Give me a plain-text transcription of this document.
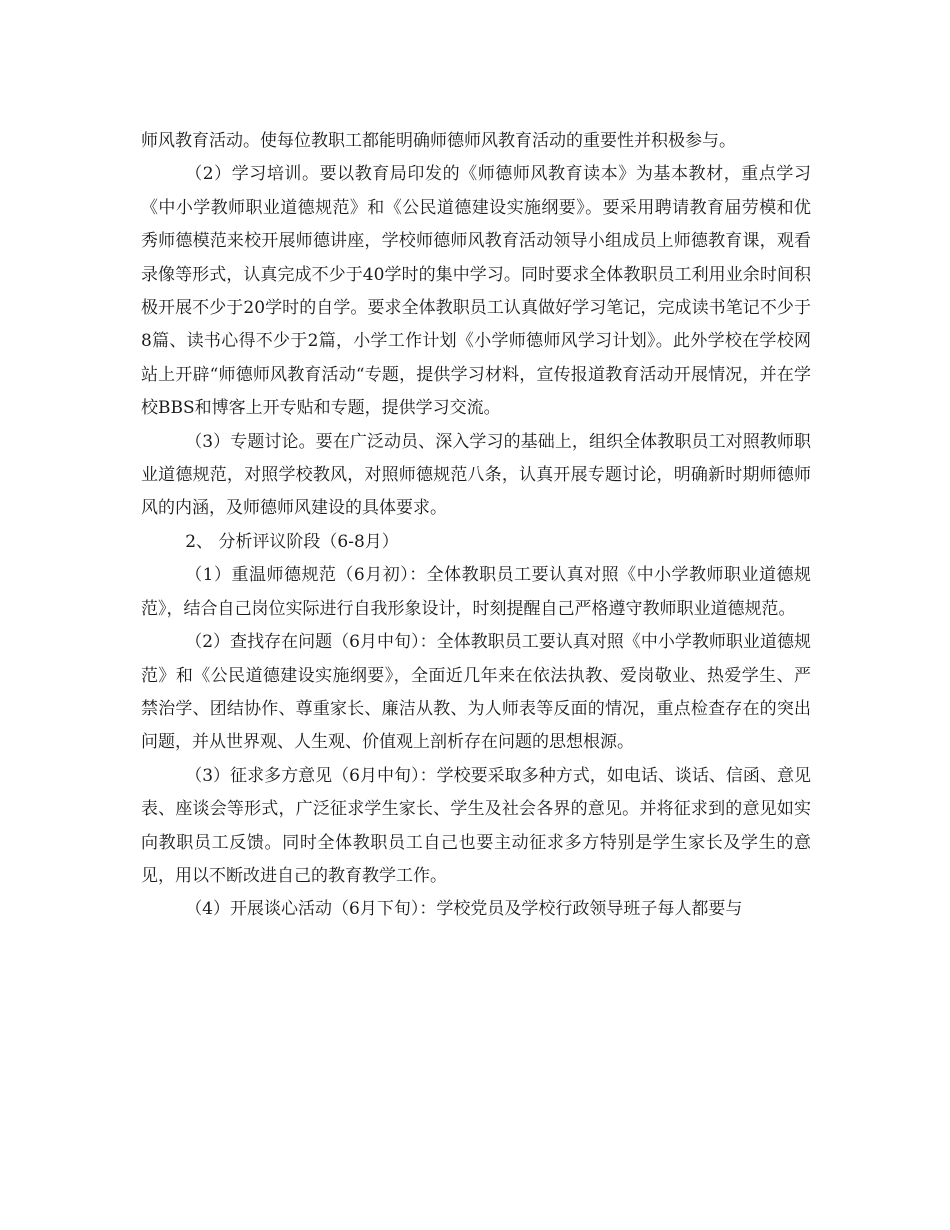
师风教育活动。使每位教职工都能明确师德师风教育活动的重要性并积极参与。

（2）学习培训。要以教育局印发的《师德师风教育读本》为基本教材，重点学习《中小学教师职业道德规范》和《公民道德建设实施纲要》。要采用聘请教育届劳模和优秀师德模范来校开展师德讲座，学校师德师风教育活动领导小组成员上师德教育课，观看录像等形式，认真完成不少于40学时的集中学习。同时要求全体教职员工利用业余时间积极开展不少于20学时的自学。要求全体教职员工认真做好学习笔记，完成读书笔记不少于8篇、读书心得不少于2篇，小学工作计划《小学师德师风学习计划》。此外学校在学校网站上开辟“师德师风教育活动“专题，提供学习材料，宣传报道教育活动开展情况，并在学校BBS和博客上开专贴和专题，提供学习交流。

（3）专题讨论。要在广泛动员、深入学习的基础上，组织全体教职员工对照教师职业道德规范，对照学校教风，对照师德规范八条，认真开展专题讨论，明确新时期师德师风的内涵，及师德师风建设的具体要求。

2、 分析评议阶段（6-8月）

（1）重温师德规范（6月初）：全体教职员工要认真对照《中小学教师职业道德规范》，结合自己岗位实际进行自我形象设计，时刻提醒自己严格遵守教师职业道德规范。

（2）查找存在问题（6月中旬）：全体教职员工要认真对照《中小学教师职业道德规范》和《公民道德建设实施纲要》，全面近几年来在依法执教、爱岗敬业、热爱学生、严禁治学、团结协作、尊重家长、廉洁从教、为人师表等反面的情况，重点检查存在的突出问题，并从世界观、人生观、价值观上剖析存在问题的思想根源。

（3）征求多方意见（6月中旬）：学校要采取多种方式，如电话、谈话、信函、意见表、座谈会等形式，广泛征求学生家长、学生及社会各界的意见。并将征求到的意见如实向教职员工反馈。同时全体教职员工自己也要主动征求多方特别是学生家长及学生的意见，用以不断改进自己的教育教学工作。

（4）开展谈心活动（6月下旬）：学校党员及学校行政领导班子每人都要与
